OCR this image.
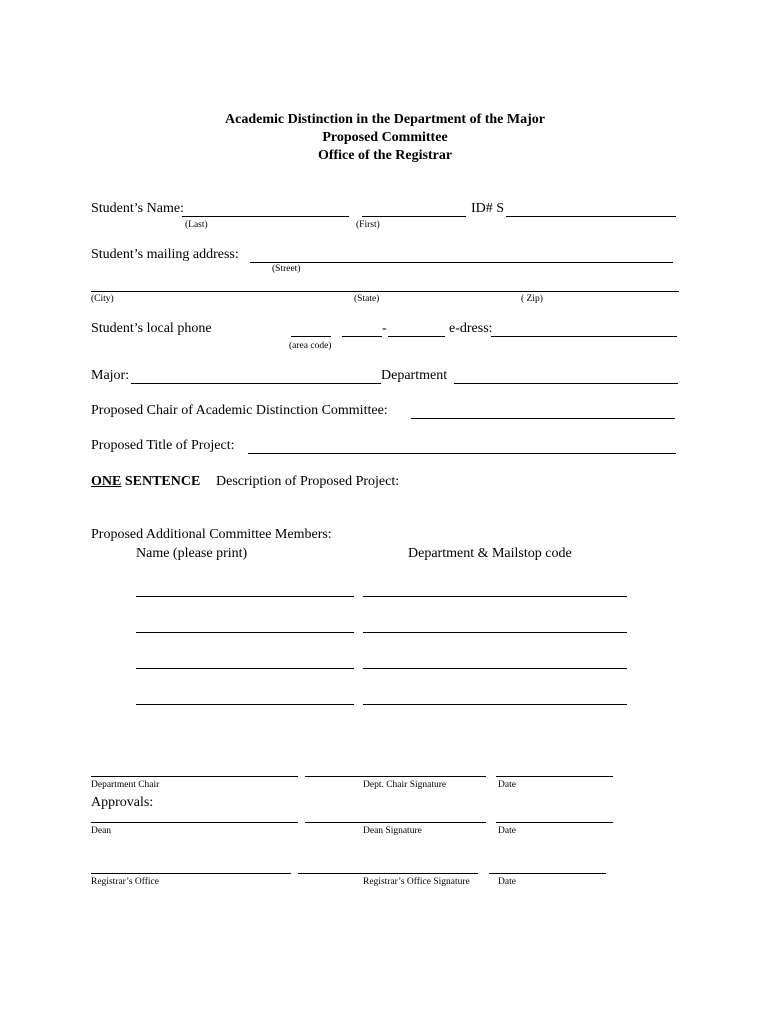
Academic Distinction in the Department of the Major
Proposed Committee
Office of the Registrar
Student’s Name:	ID# S
(Last)	(First)
Student’s mailing address:
(Street)
(City)	(State)	( Zip)
Student’s local phone	-	e-dress:
(area code)
Major:	Department
Proposed Chair of Academic Distinction Committee:
Proposed Title of Project:
ONE SENTENCE Description of Proposed Project:
Proposed Additional Committee Members:
Name (please print)	Department & Mailstop code
Department Chair	Dept. Chair Signature	Date
Approvals:
Dean	Dean Signature	Date
Registrar’s Office	Registrar’s Office Signature	Date
